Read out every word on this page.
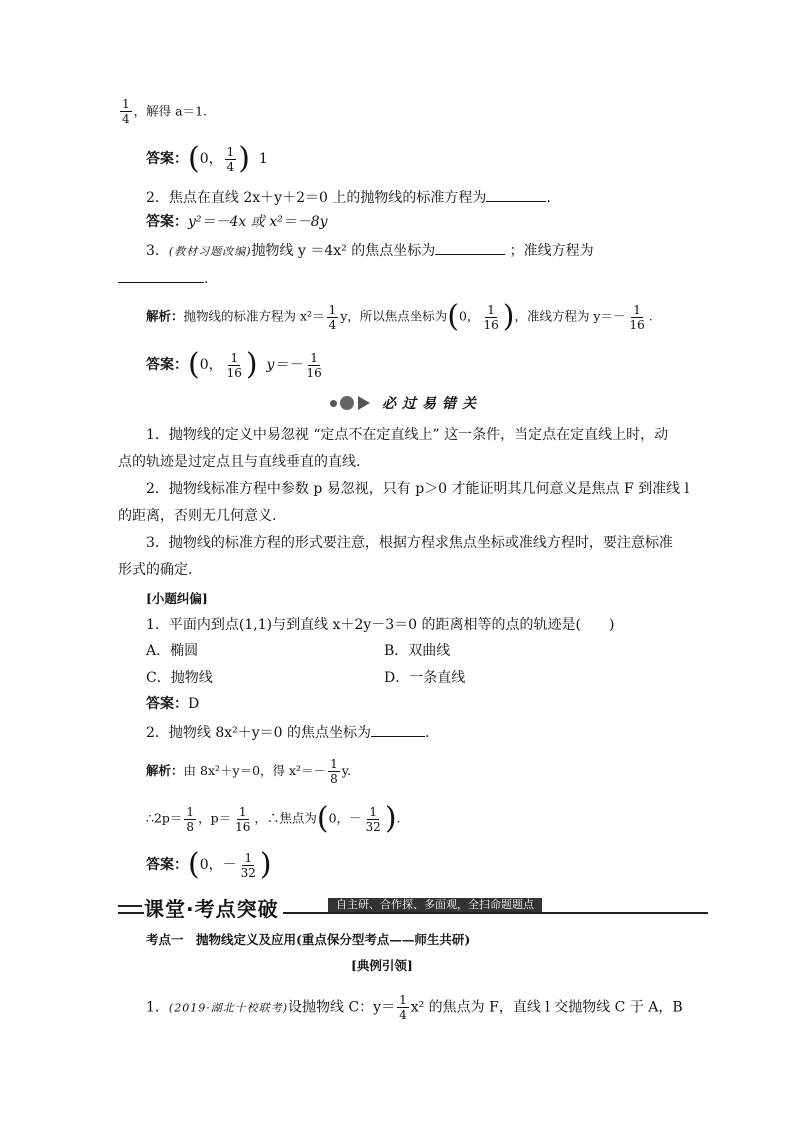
$\frac{1}{4}$ ，解得 a＝1.
答案：(0， $\frac{1}{4}$ ) 1
2．焦点在直线 2x＋y＋2＝0 上的抛物线的标准方程为	.
答案：y²＝－4x 或 x²＝－8y
3．(教材习题改编)抛物线 y ＝4x² 的焦点坐标为	；准线方程为
.
解析：抛物线的标准方程为 $x^2= \frac{1}{4}$ y，所以焦点坐标为(0， $\frac{1}{16}$ )，准线方程为 $y=- \frac{1}{16}$ .
答案：(0， $\frac{1}{16}$ ) $y=- \frac{1}{16}$
必过易错关
1．抛物线的定义中易忽视 “定点不在定直线上” 这一条件，当定点在定直线上时，动
点的轨迹是过定点且与直线垂直的直线.
2．抛物线标准方程中参数 p 易忽视，只有 p＞0 才能证明其几何意义是焦点 F 到准线 l
的距离，否则无几何意义.
3．抛物线的标准方程的形式要注意，根据方程求焦点坐标或准线方程时，要注意标准
形式的确定.
[小题纠偏]
1．平面内到点(1,1)与到直线 x＋2y－3＝0 的距离相等的点的轨迹是(　　)
A．椭圆	B．双曲线
C．抛物线	D．一条直线
答案：D
2．抛物线 8x²＋y＝0 的焦点坐标为	.
解析：由 8x²＋y＝0，得 $x^2=- \frac{1}{8} y$.
∴2p＝ $\frac{1}{8}$ ，$p= \frac{1}{16}$ ，∴焦点为(0，－ $\frac{1}{32}$ ).
答案：(0，－ $\frac{1}{32}$ )
课堂·考点突破	自主研、合作探、多面观，全扫命题题点
考点一　抛物线定义及应用(重点保分型考点——师生共研)
[典例引领]
1．(2019·湖北十校联考)设抛物线 C：$y= \frac{1}{4} x^2$ 的焦点为 F，直线 l 交抛物线 C 于 A，B
